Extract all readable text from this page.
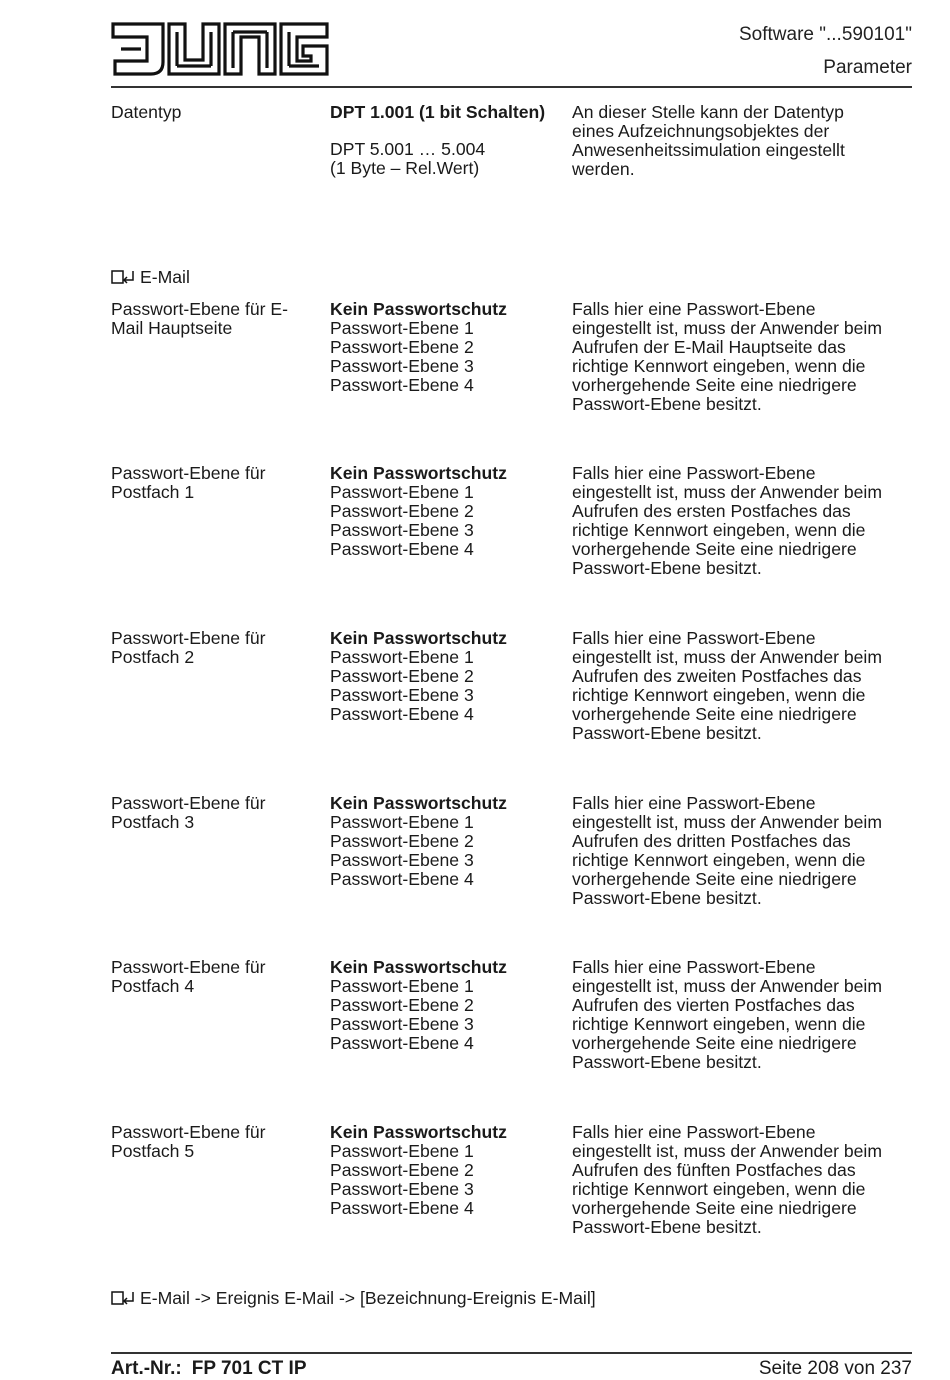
Software "...590101"
Parameter
Datentyp	DPT 1.001 (1 bit Schalten)
DPT 5.001 … 5.004
(1 Byte – Rel.Wert)
An dieser Stelle kann der Datentyp
eines Aufzeichnungsobjektes der
Anwesenheitssimulation eingestellt
werden.
E-Mail
Passwort-Ebene für E-
Mail Hauptseite
Kein Passwortschutz
Passwort-Ebene 1
Passwort-Ebene 2
Passwort-Ebene 3
Passwort-Ebene 4
Falls hier eine Passwort-Ebene
eingestellt ist, muss der Anwender beim
Aufrufen der E-Mail Hauptseite das
richtige Kennwort eingeben, wenn die
vorhergehende Seite eine niedrigere
Passwort-Ebene besitzt.
Passwort-Ebene für
Postfach 1
Kein Passwortschutz
Passwort-Ebene 1
Passwort-Ebene 2
Passwort-Ebene 3
Passwort-Ebene 4
Falls hier eine Passwort-Ebene
eingestellt ist, muss der Anwender beim
Aufrufen des ersten Postfaches das
richtige Kennwort eingeben, wenn die
vorhergehende Seite eine niedrigere
Passwort-Ebene besitzt.
Passwort-Ebene für
Postfach 2
Kein Passwortschutz
Passwort-Ebene 1
Passwort-Ebene 2
Passwort-Ebene 3
Passwort-Ebene 4
Falls hier eine Passwort-Ebene
eingestellt ist, muss der Anwender beim
Aufrufen des zweiten Postfaches das
richtige Kennwort eingeben, wenn die
vorhergehende Seite eine niedrigere
Passwort-Ebene besitzt.
Passwort-Ebene für
Postfach 3
Kein Passwortschutz
Passwort-Ebene 1
Passwort-Ebene 2
Passwort-Ebene 3
Passwort-Ebene 4
Falls hier eine Passwort-Ebene
eingestellt ist, muss der Anwender beim
Aufrufen des dritten Postfaches das
richtige Kennwort eingeben, wenn die
vorhergehende Seite eine niedrigere
Passwort-Ebene besitzt.
Passwort-Ebene für
Postfach 4
Kein Passwortschutz
Passwort-Ebene 1
Passwort-Ebene 2
Passwort-Ebene 3
Passwort-Ebene 4
Falls hier eine Passwort-Ebene
eingestellt ist, muss der Anwender beim
Aufrufen des vierten Postfaches das
richtige Kennwort eingeben, wenn die
vorhergehende Seite eine niedrigere
Passwort-Ebene besitzt.
Passwort-Ebene für
Postfach 5
Kein Passwortschutz
Passwort-Ebene 1
Passwort-Ebene 2
Passwort-Ebene 3
Passwort-Ebene 4
Falls hier eine Passwort-Ebene
eingestellt ist, muss der Anwender beim
Aufrufen des fünften Postfaches das
richtige Kennwort eingeben, wenn die
vorhergehende Seite eine niedrigere
Passwort-Ebene besitzt.
E-Mail -> Ereignis E-Mail -> [Bezeichnung-Ereignis E-Mail]
Art.-Nr.: FP 701 CT IP	Seite 208 von 237
